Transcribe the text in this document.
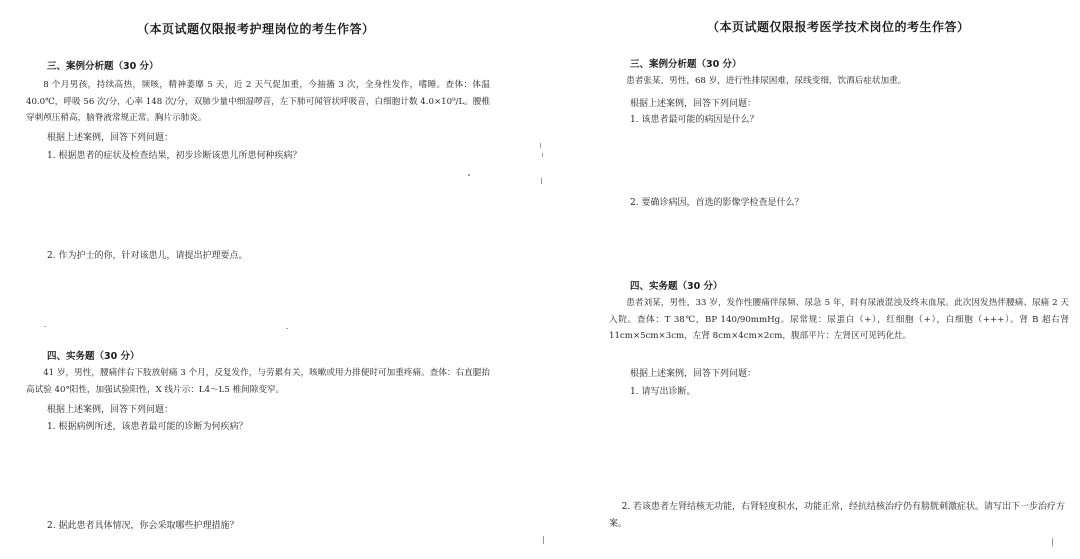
（本页试题仅限报考护理岗位的考生作答）
三、案例分析题（30 分）

8 个月男孩，持续高热，频咳，精神萎靡 5 天，近 2 天气促加重，今抽搐 3 次，全身性发作，嗜睡。查体：体温 40.0℃，呼吸 56 次/分，心率 148 次/分，双肺少量中细湿啰音，左下肺可闻管状呼吸音，白细胞计数 4.0×10⁹/L。腰椎穿刺颅压稍高，脑脊液常规正常。胸片示肺炎。

根据上述案例，回答下列问题：
1. 根据患者的症状及检查结果，初步诊断该患儿所患何种疾病？
2. 作为护士的你，针对该患儿，请提出护理要点。
四、实务题（30 分）

41 岁，男性，腰痛伴右下肢放射痛 3 个月，反复发作，与劳累有关，咳嗽或用力排便时可加重疼痛。查体：右直腿抬高试验 40°阳性，加强试验阳性，X 线片示：L4～L5 椎间隙变窄。

根据上述案例，回答下列问题：
1. 根据病例所述，该患者最可能的诊断为何疾病？
2. 据此患者具体情况，你会采取哪些护理措施？
（本页试题仅限报考医学技术岗位的考生作答）
三、案例分析题（30 分）

患者张某，男性，68 岁，进行性排尿困难，尿线变细，饮酒后症状加重。

根据上述案例，回答下列问题：
1. 该患者最可能的病因是什么？
2. 要确诊病因，首选的影像学检查是什么？
四、实务题（30 分）

患者刘某，男性，33 岁，发作性腰痛伴尿频、尿急 5 年，时有尿液混浊及终末血尿。此次因发热伴腰痛、尿痛 2 天入院。查体：T 38℃，BP 140/90mmHg。尿常规：尿蛋白（+），红细胞（+），白细胞（+++）。肾 B 超右肾 11cm×5cm×3cm，左肾 8cm×4cm×2cm，腹部平片：左肾区可见钙化灶。

根据上述案例，回答下列问题：
1. 请写出诊断。

2. 若该患者左肾结核无功能，右肾轻度积水，功能正常，经抗结核治疗仍有膀胱刺激症状。请写出下一步治疗方案。
